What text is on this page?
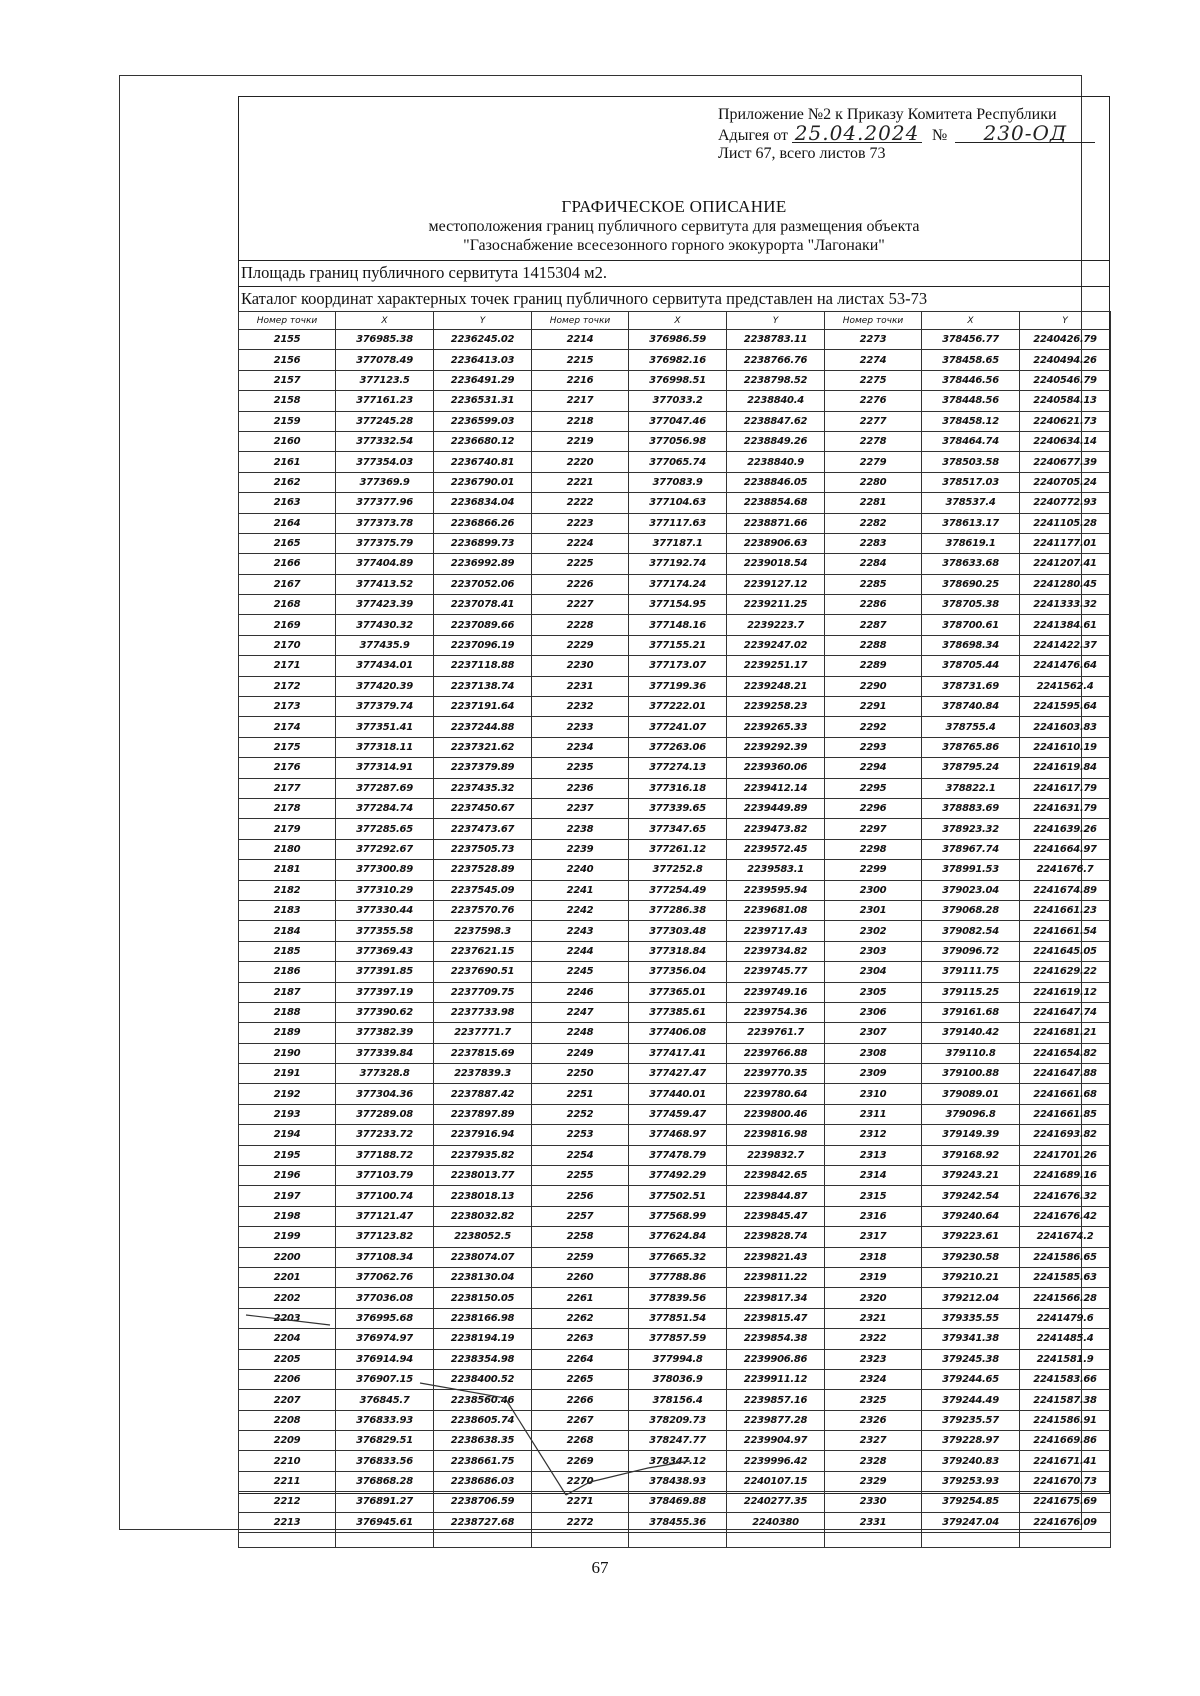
Приложение №2 к Приказу Комитета Республики
Адыгея от 25.04.2024 № 230-ОД
Лист 67, всего листов 73
ГРАФИЧЕСКОЕ ОПИСАНИЕ
местоположения границ публичного сервитута для размещения объекта
"Газоснабжение всесезонного горного экокурорта "Лагонаки"
Площадь границ публичного сервитута 1415304 м2.
Каталог координат характерных точек границ публичного сервитута представлен на листах 53-73
Номер точки	X	Y	Номер точки	X	Y	Номер точки	X	Y
2155	376985.38	2236245.02	2214	376986.59	2238783.11	2273	378456.77	2240426.79
2156	377078.49	2236413.03	2215	376982.16	2238766.76	2274	378458.65	2240494.26
2157	377123.5	2236491.29	2216	376998.51	2238798.52	2275	378446.56	2240546.79
2158	377161.23	2236531.31	2217	377033.2	2238840.4	2276	378448.56	2240584.13
2159	377245.28	2236599.03	2218	377047.46	2238847.62	2277	378458.12	2240621.73
2160	377332.54	2236680.12	2219	377056.98	2238849.26	2278	378464.74	2240634.14
2161	377354.03	2236740.81	2220	377065.74	2238840.9	2279	378503.58	2240677.39
2162	377369.9	2236790.01	2221	377083.9	2238846.05	2280	378517.03	2240705.24
2163	377377.96	2236834.04	2222	377104.63	2238854.68	2281	378537.4	2240772.93
2164	377373.78	2236866.26	2223	377117.63	2238871.66	2282	378613.17	2241105.28
2165	377375.79	2236899.73	2224	377187.1	2238906.63	2283	378619.1	2241177.01
2166	377404.89	2236992.89	2225	377192.74	2239018.54	2284	378633.68	2241207.41
2167	377413.52	2237052.06	2226	377174.24	2239127.12	2285	378690.25	2241280.45
2168	377423.39	2237078.41	2227	377154.95	2239211.25	2286	378705.38	2241333.32
2169	377430.32	2237089.66	2228	377148.16	2239223.7	2287	378700.61	2241384.61
2170	377435.9	2237096.19	2229	377155.21	2239247.02	2288	378698.34	2241422.37
2171	377434.01	2237118.88	2230	377173.07	2239251.17	2289	378705.44	2241476.64
2172	377420.39	2237138.74	2231	377199.36	2239248.21	2290	378731.69	2241562.4
2173	377379.74	2237191.64	2232	377222.01	2239258.23	2291	378740.84	2241595.64
2174	377351.41	2237244.88	2233	377241.07	2239265.33	2292	378755.4	2241603.83
2175	377318.11	2237321.62	2234	377263.06	2239292.39	2293	378765.86	2241610.19
2176	377314.91	2237379.89	2235	377274.13	2239360.06	2294	378795.24	2241619.84
2177	377287.69	2237435.32	2236	377316.18	2239412.14	2295	378822.1	2241617.79
2178	377284.74	2237450.67	2237	377339.65	2239449.89	2296	378883.69	2241631.79
2179	377285.65	2237473.67	2238	377347.65	2239473.82	2297	378923.32	2241639.26
2180	377292.67	2237505.73	2239	377261.12	2239572.45	2298	378967.74	2241664.97
2181	377300.89	2237528.89	2240	377252.8	2239583.1	2299	378991.53	2241676.7
2182	377310.29	2237545.09	2241	377254.49	2239595.94	2300	379023.04	2241674.89
2183	377330.44	2237570.76	2242	377286.38	2239681.08	2301	379068.28	2241661.23
2184	377355.58	2237598.3	2243	377303.48	2239717.43	2302	379082.54	2241661.54
2185	377369.43	2237621.15	2244	377318.84	2239734.82	2303	379096.72	2241645.05
2186	377391.85	2237690.51	2245	377356.04	2239745.77	2304	379111.75	2241629.22
2187	377397.19	2237709.75	2246	377365.01	2239749.16	2305	379115.25	2241619.12
2188	377390.62	2237733.98	2247	377385.61	2239754.36	2306	379161.68	2241647.74
2189	377382.39	2237771.7	2248	377406.08	2239761.7	2307	379140.42	2241681.21
2190	377339.84	2237815.69	2249	377417.41	2239766.88	2308	379110.8	2241654.82
2191	377328.8	2237839.3	2250	377427.47	2239770.35	2309	379100.88	2241647.88
2192	377304.36	2237887.42	2251	377440.01	2239780.64	2310	379089.01	2241661.68
2193	377289.08	2237897.89	2252	377459.47	2239800.46	2311	379096.8	2241661.85
2194	377233.72	2237916.94	2253	377468.97	2239816.98	2312	379149.39	2241693.82
2195	377188.72	2237935.82	2254	377478.79	2239832.7	2313	379168.92	2241701.26
2196	377103.79	2238013.77	2255	377492.29	2239842.65	2314	379243.21	2241689.16
2197	377100.74	2238018.13	2256	377502.51	2239844.87	2315	379242.54	2241676.32
2198	377121.47	2238032.82	2257	377568.99	2239845.47	2316	379240.64	2241676.42
2199	377123.82	2238052.5	2258	377624.84	2239828.74	2317	379223.61	2241674.2
2200	377108.34	2238074.07	2259	377665.32	2239821.43	2318	379230.58	2241586.65
2201	377062.76	2238130.04	2260	377788.86	2239811.22	2319	379210.21	2241585.63
2202	377036.08	2238150.05	2261	377839.56	2239817.34	2320	379212.04	2241566.28
2203	376995.68	2238166.98	2262	377851.54	2239815.47	2321	379335.55	2241479.6
2204	376974.97	2238194.19	2263	377857.59	2239854.38	2322	379341.38	2241485.4
2205	376914.94	2238354.98	2264	377994.8	2239906.86	2323	379245.38	2241581.9
2206	376907.15	2238400.52	2265	378036.9	2239911.12	2324	379244.65	2241583.66
2207	376845.7	2238560.46	2266	378156.4	2239857.16	2325	379244.49	2241587.38
2208	376833.93	2238605.74	2267	378209.73	2239877.28	2326	379235.57	2241586.91
2209	376829.51	2238638.35	2268	378247.77	2239904.97	2327	379228.97	2241669.86
2210	376833.56	2238661.75	2269	378347.12	2239996.42	2328	379240.83	2241671.41
2211	376868.28	2238686.03	2270	378438.93	2240107.15	2329	379253.93	2241670.73
2212	376891.27	2238706.59	2271	378469.88	2240277.35	2330	379254.85	2241675.69
2213	376945.61	2238727.68	2272	378455.36	2240380	2331	379247.04	2241676.09

67
